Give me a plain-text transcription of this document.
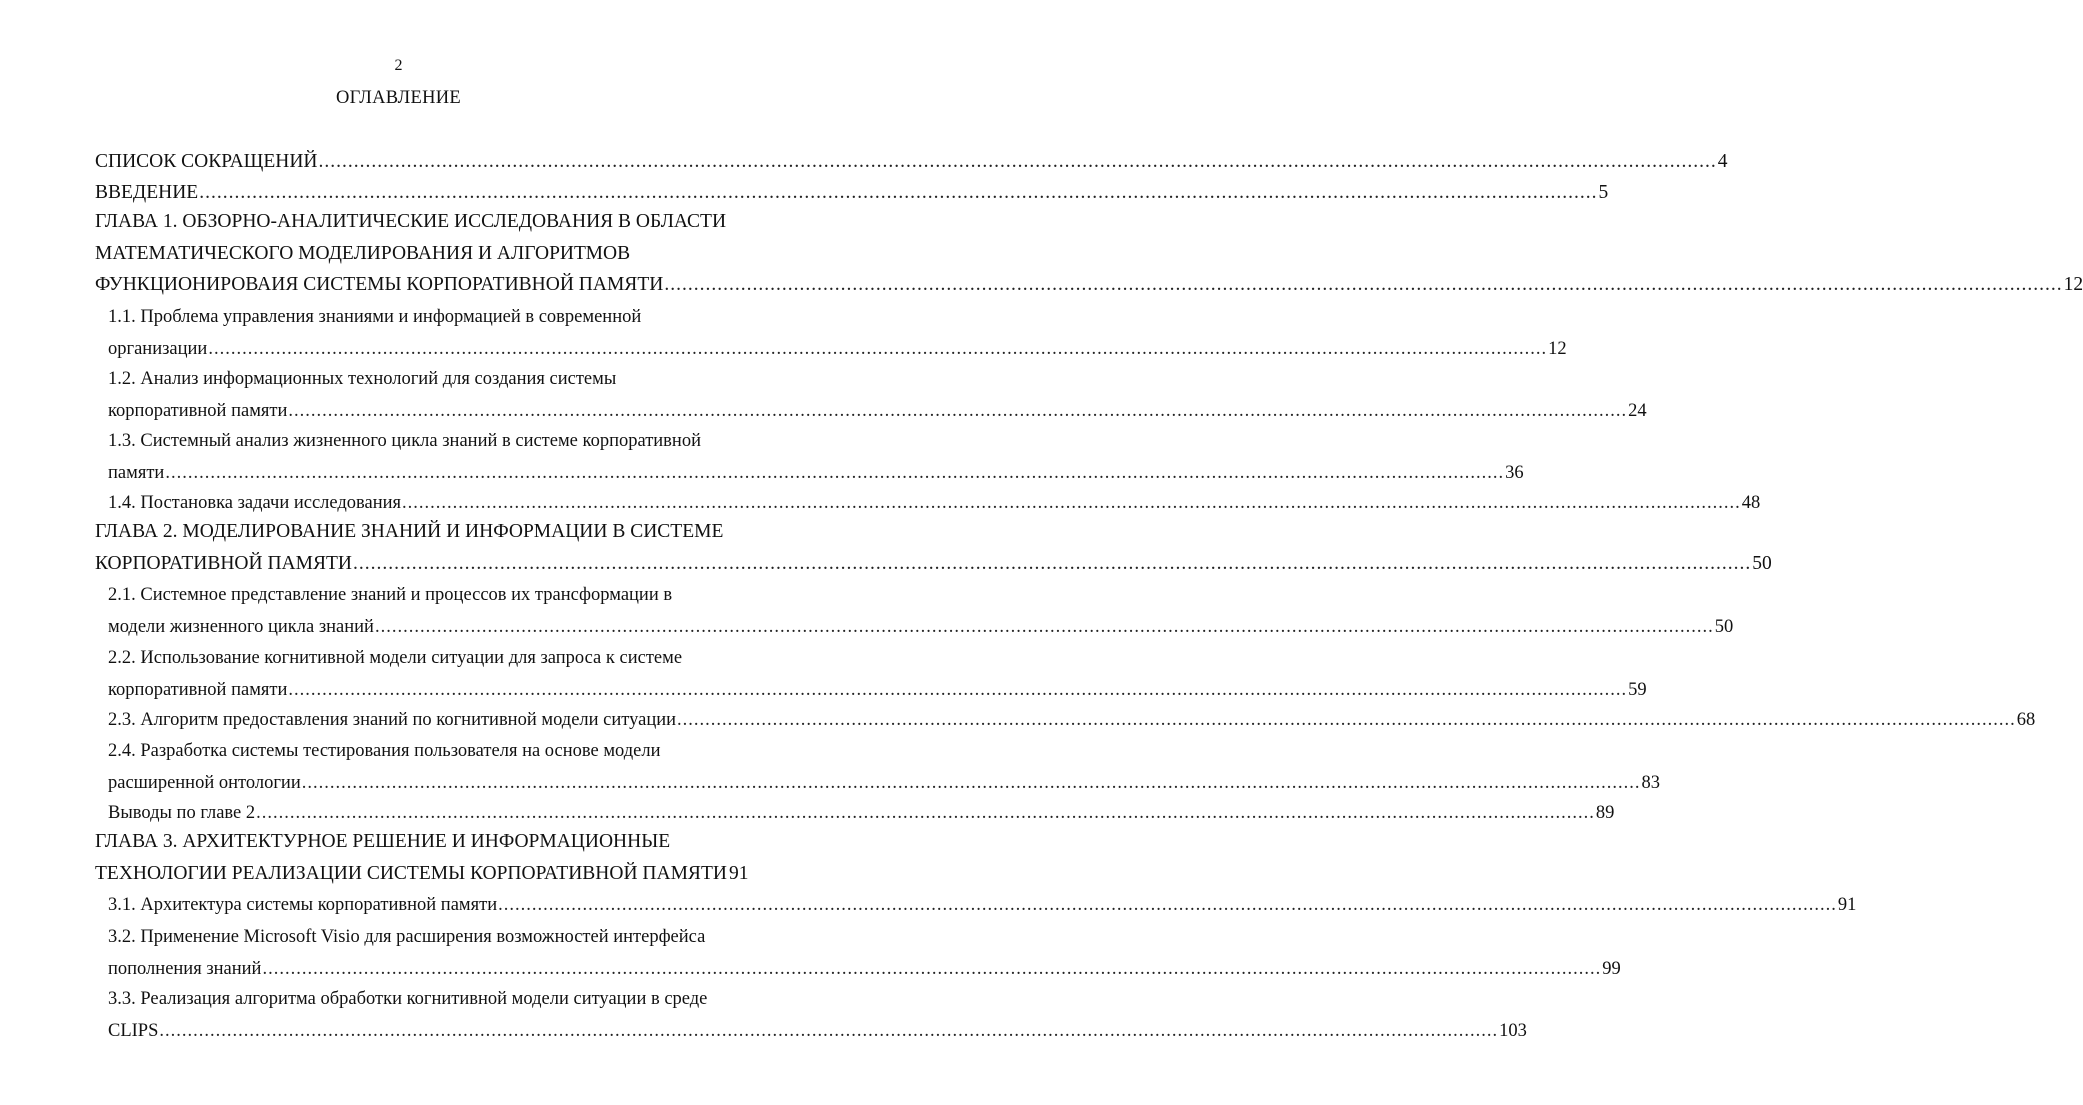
2
ОГЛАВЛЕНИЕ
СПИСОК СОКРАЩЕНИЙ .............................................................................................................................................................................................................................................. 4
ВВЕДЕНИЕ .............................................................................................................................................................................................................................................. 5
ГЛАВА 1. ОБЗОРНО-АНАЛИТИЧЕСКИЕ ИССЛЕДОВАНИЯ В ОБЛАСТИ
МАТЕМАТИЧЕСКОГО МОДЕЛИРОВАНИЯ И АЛГОРИТМОВ
ФУНКЦИОНИРОВАИЯ СИСТЕМЫ КОРПОРАТИВНОЙ ПАМЯТИ .............................................................................................................................................................................................................................................. 12
1.1. Проблема управления знаниями и информацией в современной
организации .............................................................................................................................................................................................................................................. 12
1.2. Анализ информационных технологий для создания системы
корпоративной памяти .............................................................................................................................................................................................................................................. 24
1.3. Системный анализ жизненного цикла знаний в системе корпоративной
памяти .............................................................................................................................................................................................................................................. 36
1.4. Постановка задачи исследования .............................................................................................................................................................................................................................................. 48
ГЛАВА 2. МОДЕЛИРОВАНИЕ ЗНАНИЙ И ИНФОРМАЦИИ В СИСТЕМЕ
КОРПОРАТИВНОЙ ПАМЯТИ .............................................................................................................................................................................................................................................. 50
2.1. Системное представление знаний и процессов их трансформации в
модели жизненного цикла знаний .............................................................................................................................................................................................................................................. 50
2.2. Использование когнитивной модели ситуации для запроса к системе
корпоративной памяти .............................................................................................................................................................................................................................................. 59
2.3. Алгоритм предоставления знаний по когнитивной модели ситуации .............................................................................................................................................................................................................................................. 68
2.4. Разработка системы тестирования пользователя на основе модели
расширенной онтологии .............................................................................................................................................................................................................................................. 83
Выводы по главе 2 .............................................................................................................................................................................................................................................. 89
ГЛАВА 3. АРХИТЕКТУРНОЕ РЕШЕНИЕ И ИНФОРМАЦИОННЫЕ
ТЕХНОЛОГИИ РЕАЛИЗАЦИИ СИСТЕМЫ КОРПОРАТИВНОЙ ПАМЯТИ 91
3.1. Архитектура системы корпоративной памяти .............................................................................................................................................................................................................................................. 91
3.2. Применение Microsoft Visio для расширения возможностей интерфейса
пополнения знаний .............................................................................................................................................................................................................................................. 99
3.3. Реализация алгоритма обработки когнитивной модели ситуации в среде
CLIPS .............................................................................................................................................................................................................................................. 103
